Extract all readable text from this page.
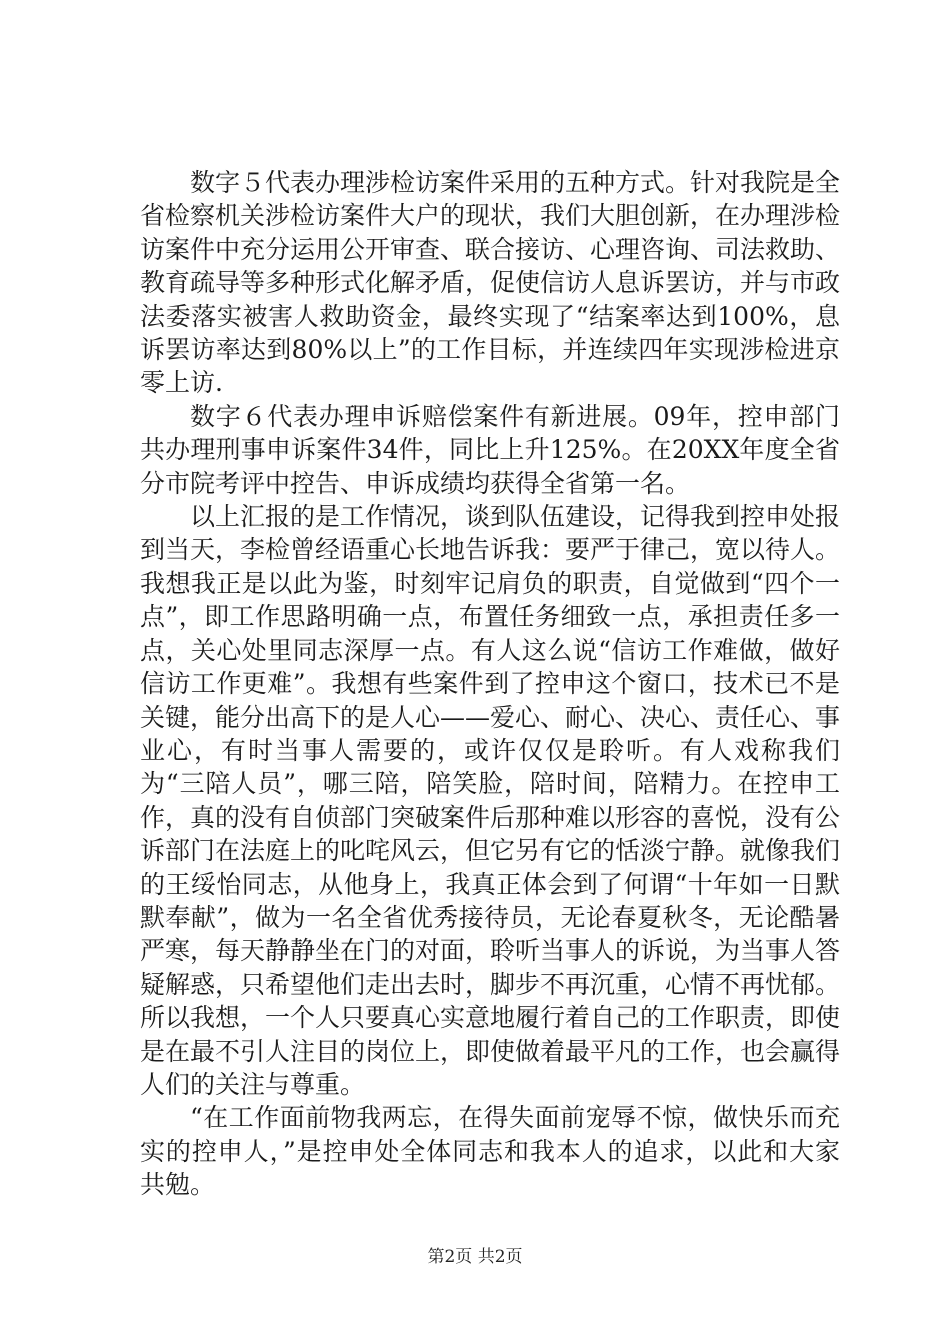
数字５代表办理涉检访案件采用的五种方式。针对我院是全省检察机关涉检访案件大户的现状，我们大胆创新，在办理涉检访案件中充分运用公开审查、联合接访、心理咨询、司法救助、教育疏导等多种形式化解矛盾，促使信访人息诉罢访，并与市政法委落实被害人救助资金，最终实现了“结案率达到100%，息诉罢访率达到80%以上”的工作目标，并连续四年实现涉检进京零上访.

数字６代表办理申诉赔偿案件有新进展。09年，控申部门共办理刑事申诉案件34件，同比上升125%。在20XX年度全省分市院考评中控告、申诉成绩均获得全省第一名。

以上汇报的是工作情况，谈到队伍建设，记得我到控申处报到当天，李检曾经语重心长地告诉我：要严于律己，宽以待人。我想我正是以此为鉴，时刻牢记肩负的职责，自觉做到“四个一点”，即工作思路明确一点，布置任务细致一点，承担责任多一点，关心处里同志深厚一点。有人这么说“信访工作难做，做好信访工作更难”。我想有些案件到了控申这个窗口，技术已不是关键，能分出高下的是人心——爱心、耐心、决心、责任心、事业心，有时当事人需要的，或许仅仅是聆听。有人戏称我们为“三陪人员”，哪三陪，陪笑脸，陪时间，陪精力。在控申工作，真的没有自侦部门突破案件后那种难以形容的喜悦，没有公诉部门在法庭上的叱咤风云，但它另有它的恬淡宁静。就像我们的王绥怡同志，从他身上，我真正体会到了何谓“十年如一日默默奉献”，做为一名全省优秀接待员，无论春夏秋冬，无论酷暑严寒，每天静静坐在门的对面，聆听当事人的诉说，为当事人答疑解惑，只希望他们走出去时，脚步不再沉重，心情不再忧郁。所以我想，一个人只要真心实意地履行着自己的工作职责，即使是在最不引人注目的岗位上，即使做着最平凡的工作，也会赢得人们的关注与尊重。

“在工作面前物我两忘，在得失面前宠辱不惊，做快乐而充实的控申人，”是控申处全体同志和我本人的追求，以此和大家共勉。

第2页 共2页
